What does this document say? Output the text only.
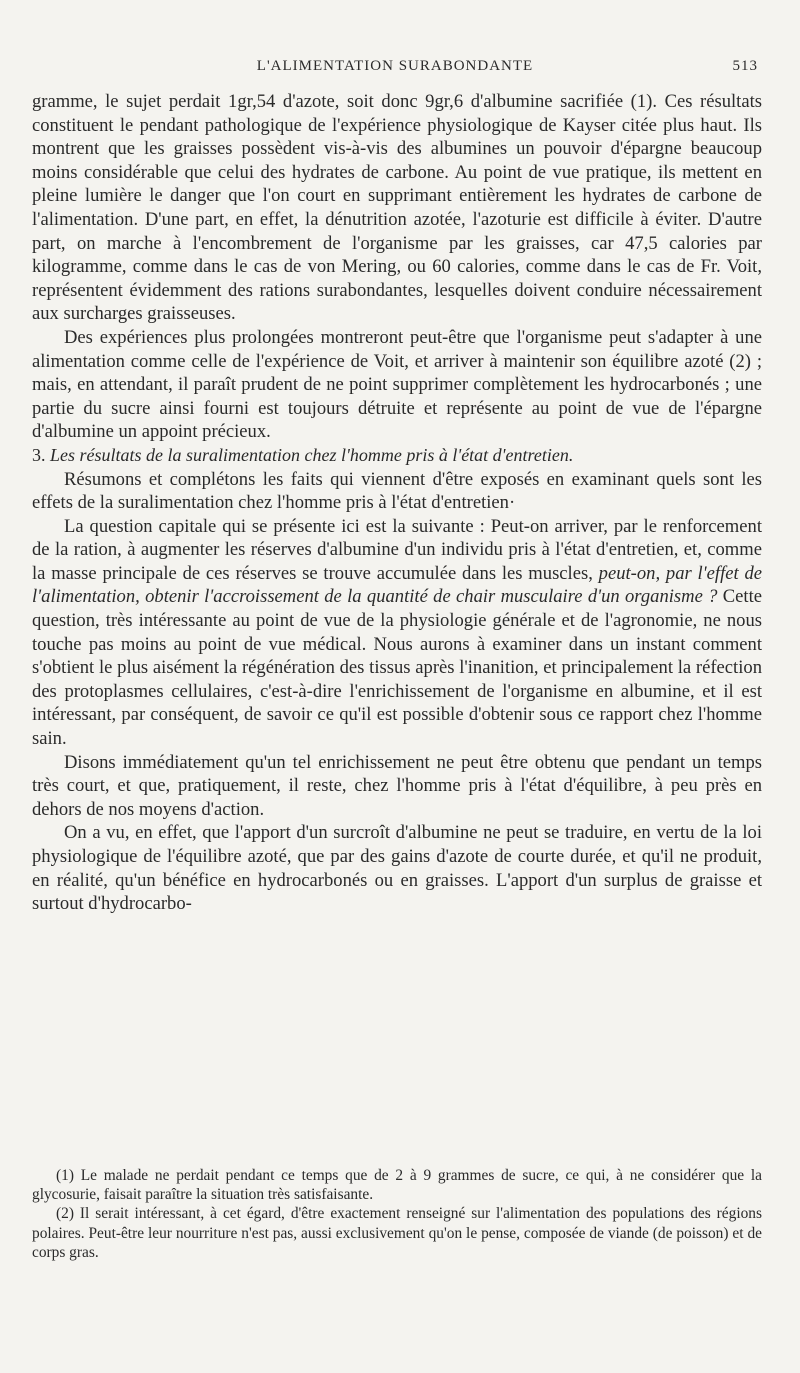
L'ALIMENTATION SURABONDANTE	513

gramme, le sujet perdait 1gr,54 d'azote, soit donc 9gr,6 d'albumine sacrifiée (1). Ces résultats constituent le pendant pathologique de l'expérience physiologique de Kayser citée plus haut. Ils montrent que les graisses possèdent vis-à-vis des albumines un pouvoir d'épargne beaucoup moins considérable que celui des hydrates de carbone. Au point de vue pratique, ils mettent en pleine lumière le danger que l'on court en supprimant entièrement les hydrates de carbone de l'alimentation. D'une part, en effet, la dénutrition azotée, l'azoturie est difficile à éviter. D'autre part, on marche à l'encombrement de l'organisme par les graisses, car 47,5 calories par kilogramme, comme dans le cas de von Mering, ou 60 calories, comme dans le cas de Fr. Voit, représentent évidemment des rations surabondantes, lesquelles doivent conduire nécessairement aux surcharges graisseuses.

Des expériences plus prolongées montreront peut-être que l'organisme peut s'adapter à une alimentation comme celle de l'expérience de Voit, et arriver à maintenir son équilibre azoté (2) ; mais, en attendant, il paraît prudent de ne point supprimer complètement les hydrocarbonés ; une partie du sucre ainsi fourni est toujours détruite et représente au point de vue de l'épargne d'albumine un appoint précieux.

3. Les résultats de la suralimentation chez l'homme pris à l'état d'entretien.

Résumons et complétons les faits qui viennent d'être exposés en examinant quels sont les effets de la suralimentation chez l'homme pris à l'état d'entretien·

La question capitale qui se présente ici est la suivante : Peut-on arriver, par le renforcement de la ration, à augmenter les réserves d'albumine d'un individu pris à l'état d'entretien, et, comme la masse principale de ces réserves se trouve accumulée dans les muscles, peut-on, par l'effet de l'alimentation, obtenir l'accroissement de la quantité de chair musculaire d'un organisme ? Cette question, très intéressante au point de vue de la physiologie générale et de l'agronomie, ne nous touche pas moins au point de vue médical. Nous aurons à examiner dans un instant comment s'obtient le plus aisément la régénération des tissus après l'inanition, et principalement la réfection des protoplasmes cellulaires, c'est-à-dire l'enrichissement de l'organisme en albumine, et il est intéressant, par conséquent, de savoir ce qu'il est possible d'obtenir sous ce rapport chez l'homme sain.

Disons immédiatement qu'un tel enrichissement ne peut être obtenu que pendant un temps très court, et que, pratiquement, il reste, chez l'homme pris à l'état d'équilibre, à peu près en dehors de nos moyens d'action.

On a vu, en effet, que l'apport d'un surcroît d'albumine ne peut se traduire, en vertu de la loi physiologique de l'équilibre azoté, que par des gains d'azote de courte durée, et qu'il ne produit, en réalité, qu'un bénéfice en hydrocarbonés ou en graisses. L'apport d'un surplus de graisse et surtout d'hydrocarbo-

(1) Le malade ne perdait pendant ce temps que de 2 à 9 grammes de sucre, ce qui, à ne considérer que la glycosurie, faisait paraître la situation très satisfaisante.

(2) Il serait intéressant, à cet égard, d'être exactement renseigné sur l'alimentation des populations des régions polaires. Peut-être leur nourriture n'est pas, aussi exclusivement qu'on le pense, composée de viande (de poisson) et de corps gras.
